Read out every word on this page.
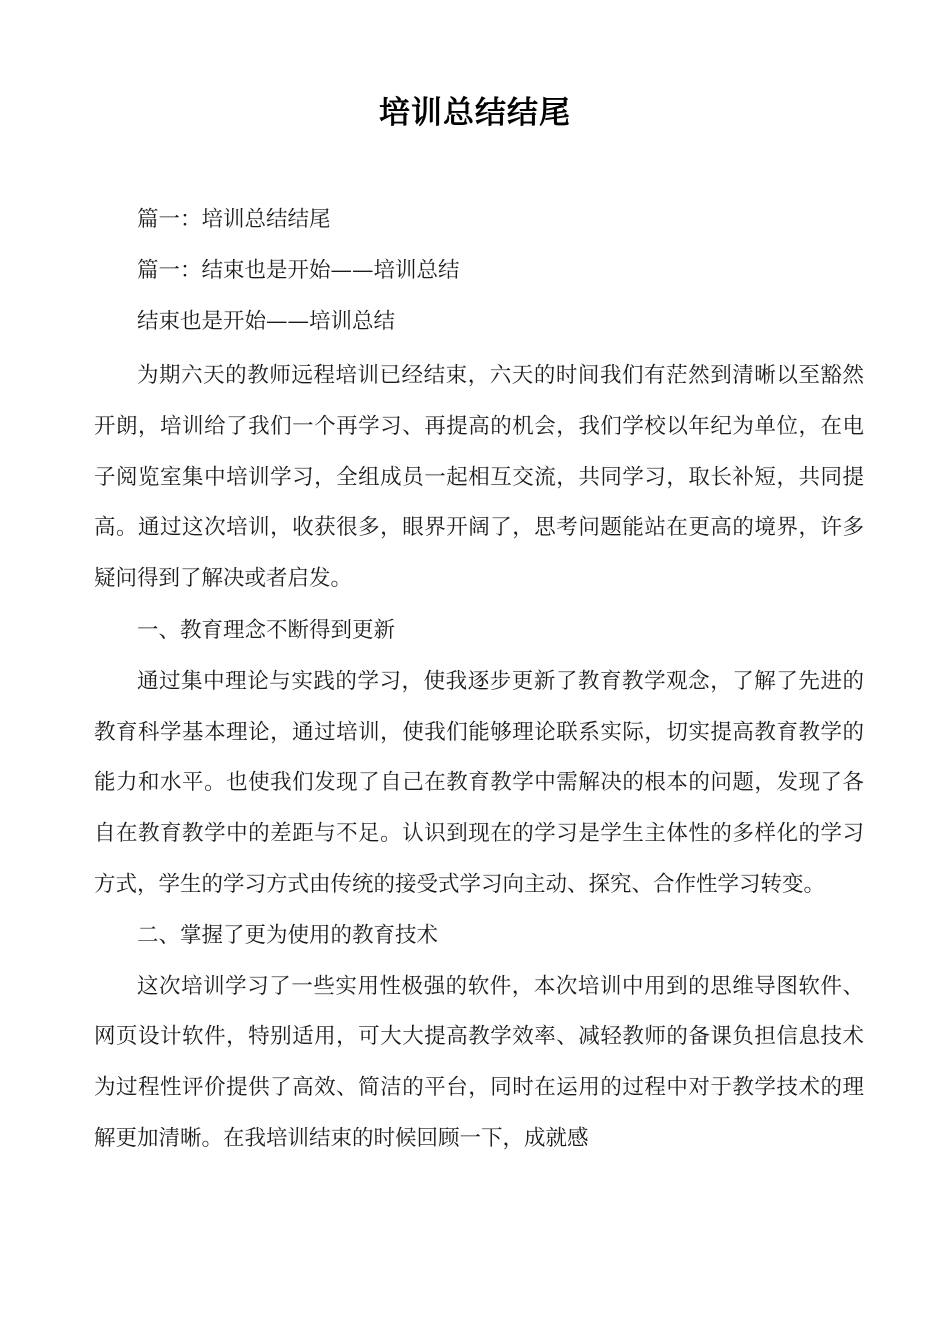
培训总结结尾

篇一：培训总结结尾

篇一：结束也是开始——培训总结

结束也是开始——培训总结

为期六天的教师远程培训已经结束，六天的时间我们有茫然到清晰以至豁然开朗，培训给了我们一个再学习、再提高的机会，我们学校以年纪为单位，在电子阅览室集中培训学习，全组成员一起相互交流，共同学习，取长补短，共同提高。通过这次培训，收获很多，眼界开阔了，思考问题能站在更高的境界，许多疑问得到了解决或者启发。

一、教育理念不断得到更新

通过集中理论与实践的学习，使我逐步更新了教育教学观念，了解了先进的教育科学基本理论，通过培训，使我们能够理论联系实际，切实提高教育教学的能力和水平。也使我们发现了自己在教育教学中需解决的根本的问题，发现了各自在教育教学中的差距与不足。认识到现在的学习是学生主体性的多样化的学习方式，学生的学习方式由传统的接受式学习向主动、探究、合作性学习转变。

二、掌握了更为使用的教育技术

这次培训学习了一些实用性极强的软件，本次培训中用到的思维导图软件、网页设计软件，特别适用，可大大提高教学效率、减轻教师的备课负担信息技术为过程性评价提供了高效、简洁的平台，同时在运用的过程中对于教学技术的理解更加清晰。在我培训结束的时候回顾一下，成就感
